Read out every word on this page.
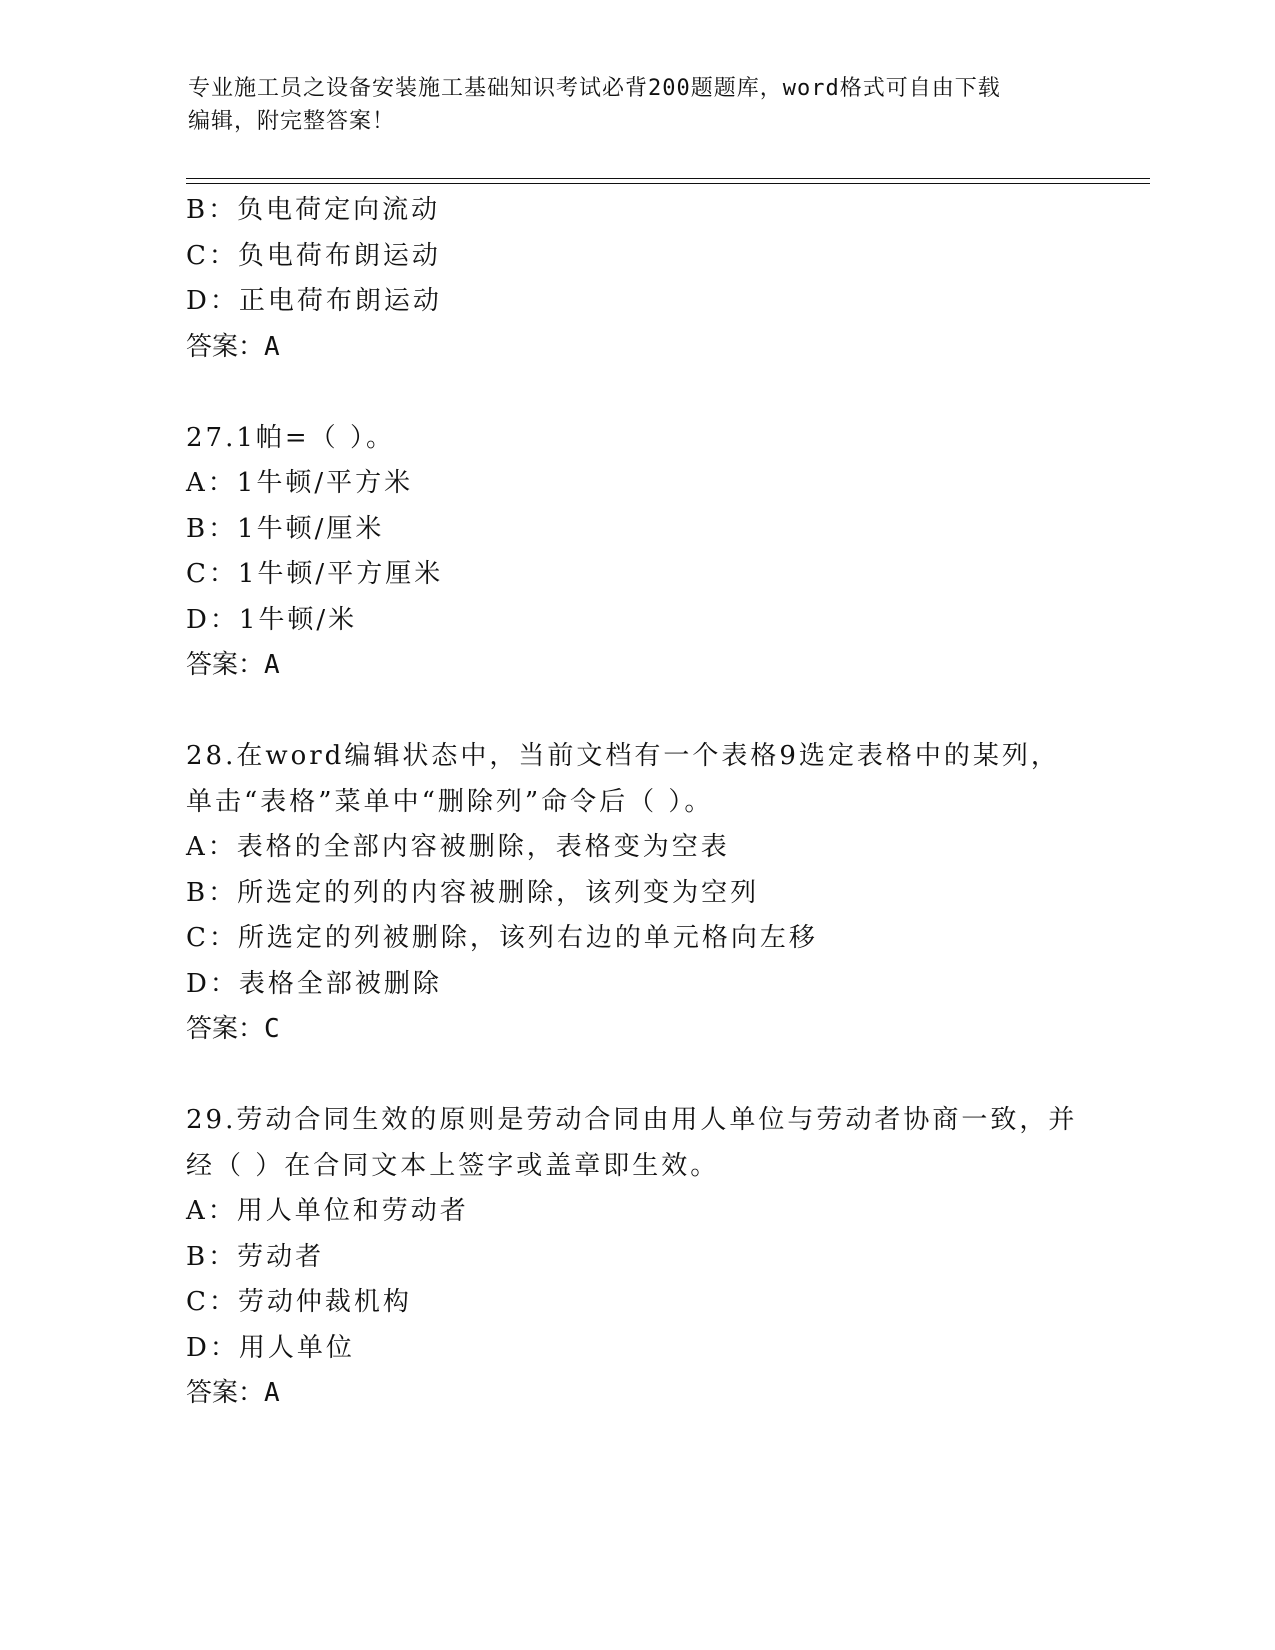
专业施工员之设备安装施工基础知识考试必背200题题库，word格式可自由下载
编辑，附完整答案！
B：负电荷定向流动
C：负电荷布朗运动
D：正电荷布朗运动
答案：A
27.1帕=（ ）。
A：1牛顿/平方米
B：1牛顿/厘米
C：1牛顿/平方厘米
D：1牛顿/米
答案：A
28.在word编辑状态中，当前文档有一个表格9选定表格中的某列，
单击“表格”菜单中“删除列”命令后（ ）。
A：表格的全部内容被删除，表格变为空表
B：所选定的列的内容被删除，该列变为空列
C：所选定的列被删除，该列右边的单元格向左移
D：表格全部被删除
答案：C
29.劳动合同生效的原则是劳动合同由用人单位与劳动者协商一致，并
经（ ）在合同文本上签字或盖章即生效。
A：用人单位和劳动者
B：劳动者
C：劳动仲裁机构
D：用人单位
答案：A
